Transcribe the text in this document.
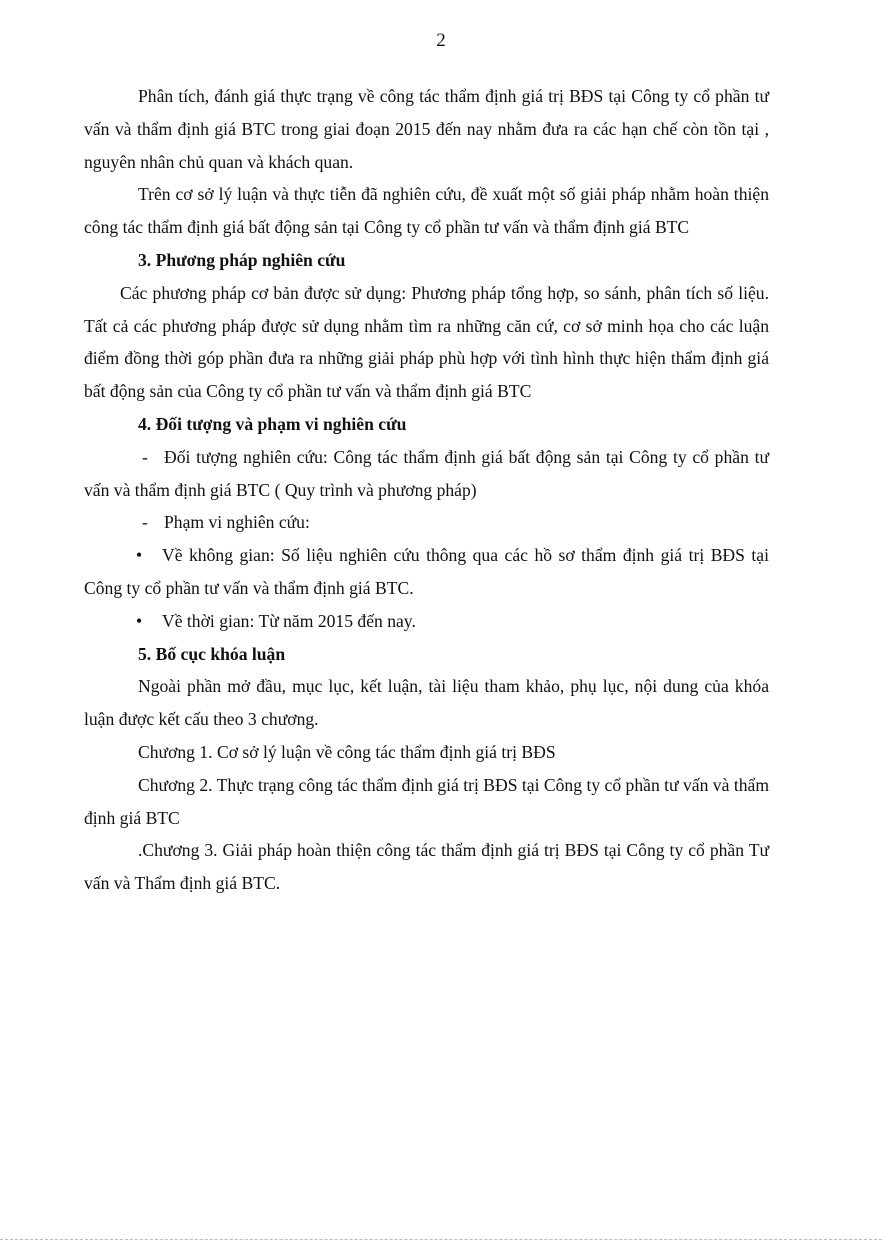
2

Phân tích, đánh giá thực trạng về công tác thẩm định giá trị BĐS tại Công ty cổ phần tư vấn và thẩm định giá BTC trong giai đoạn 2015 đến nay nhằm đưa ra các hạn chế còn tồn tại , nguyên nhân chủ quan và khách quan.

Trên cơ sở lý luận và thực tiễn đã nghiên cứu, đề xuất một số giải pháp nhằm hoàn thiện công tác thẩm định giá bất động sản tại Công ty cổ phần tư vấn và thẩm định giá BTC

3. Phương pháp nghiên cứu

Các phương pháp cơ bản được sử dụng: Phương pháp tổng hợp, so sánh, phân tích số liệu. Tất cả các phương pháp được sử dụng nhằm tìm ra những căn cứ, cơ sở minh họa cho các luận điểm đồng thời góp phần đưa ra những giải pháp phù hợp với tình hình thực hiện thẩm định giá bất động sản của Công ty cổ phần tư vấn và thẩm định giá BTC

4. Đối tượng và phạm vi nghiên cứu

- Đối tượng nghiên cứu: Công tác thẩm định giá bất động sản tại Công ty cổ phần tư vấn và thẩm định giá BTC ( Quy trình và phương pháp)

- Phạm vi nghiên cứu:

• Về không gian: Số liệu nghiên cứu thông qua các hồ sơ thẩm định giá trị BĐS tại Công ty cổ phần tư vấn và thẩm định giá BTC.

• Về thời gian: Từ năm 2015 đến nay.

5. Bố cục khóa luận

Ngoài phần mở đầu, mục lục, kết luận, tài liệu tham khảo, phụ lục, nội dung của khóa luận được kết cấu theo 3 chương.

Chương 1. Cơ sở lý luận về công tác thẩm định giá trị BĐS

Chương 2. Thực trạng công tác thẩm định giá trị BĐS tại Công ty cổ phần tư vấn và thẩm định giá BTC

.Chương 3. Giải pháp hoàn thiện công tác thẩm định giá trị BĐS tại Công ty cổ phần Tư vấn và Thẩm định giá BTC.
